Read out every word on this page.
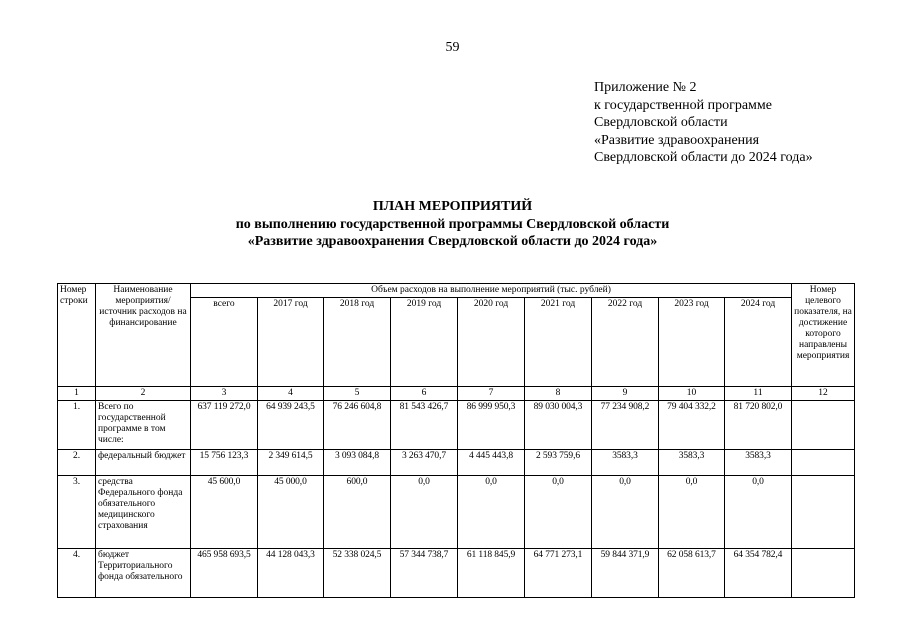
59
Приложение № 2
к государственной программе
Свердловской области
«Развитие здравоохранения
Свердловской области до 2024 года»
ПЛАН МЕРОПРИЯТИЙ
по выполнению государственной программы Свердловской области
«Развитие здравоохранения Свердловской области до 2024 года»
Номер строки	Наименование мероприятия/ источник расходов на финансирование	Объем расходов на выполнение мероприятий (тыс. рублей)									Номер целевого показателя, на достижение которого направлены мероприятия
		всего	2017 год	2018 год	2019 год	2020 год	2021 год	2022 год	2023 год	2024 год	
1	2	3	4	5	6	7	8	9	10	11	12
1.	Всего по государственной программе в том числе:	637 119 272,0	64 939 243,5	76 246 604,8	81 543 426,7	86 999 950,3	89 030 004,3	77 234 908,2	79 404 332,2	81 720 802,0	
2.	федеральный бюджет	15 756 123,3	2 349 614,5	3 093 084,8	3 263 470,7	4 445 443,8	2 593 759,6	3583,3	3583,3	3583,3	
3.	средства Федерального фонда обязательного медицинского страхования	45 600,0	45 000,0	600,0	0,0	0,0	0,0	0,0	0,0	0,0	
4.	бюджет Территориального фонда обязательного	465 958 693,5	44 128 043,3	52 338 024,5	57 344 738,7	61 118 845,9	64 771 273,1	59 844 371,9	62 058 613,7	64 354 782,4	
